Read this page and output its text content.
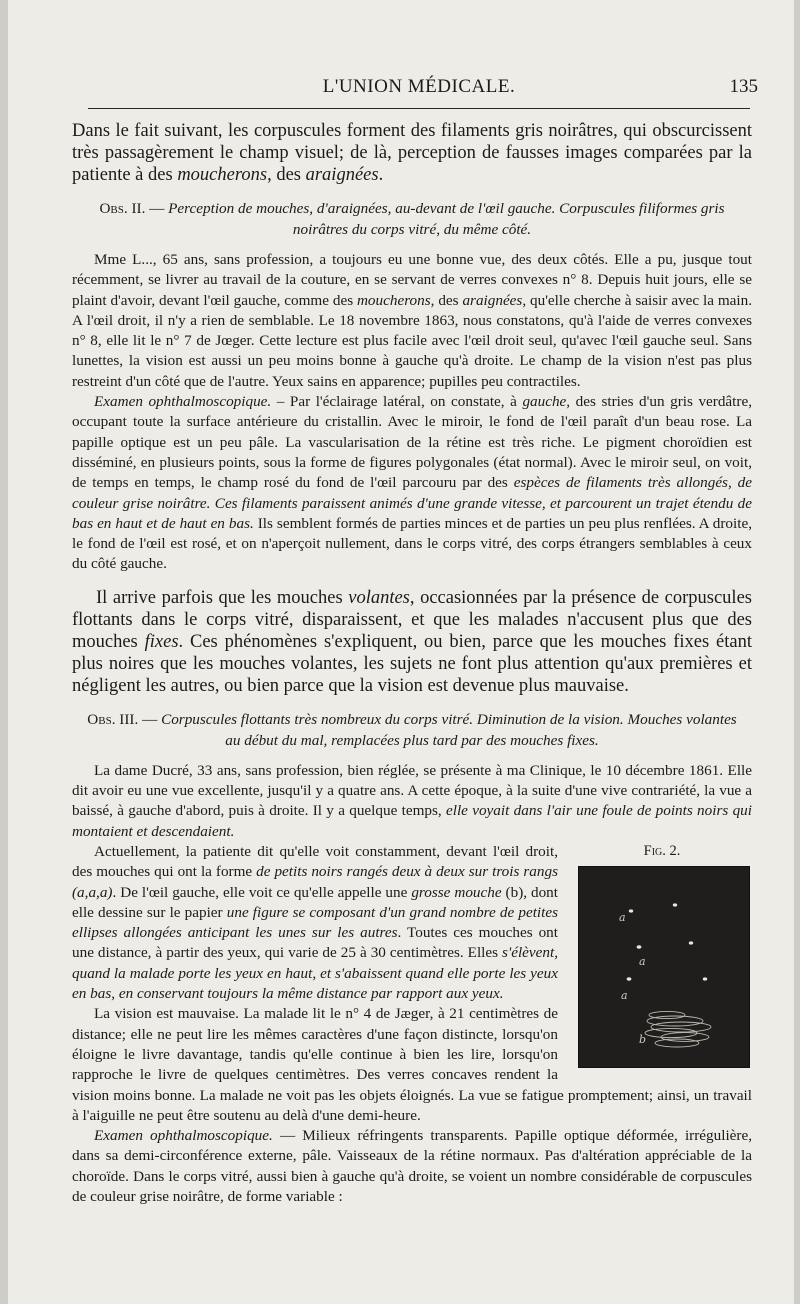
L'UNION MÉDICALE.	135

Dans le fait suivant, les corpuscules forment des filaments gris noirâtres, qui obscurcissent très passagèrement le champ visuel; de là, perception de fausses images comparées par la patiente à des moucherons, des araignées.

Obs. II. — Perception de mouches, d'araignées, au-devant de l'œil gauche. Corpuscules filiformes gris noirâtres du corps vitré, du même côté.

Mme L..., 65 ans, sans profession, a toujours eu une bonne vue, des deux côtés. Elle a pu, jusque tout récemment, se livrer au travail de la couture, en se servant de verres convexes n° 8. Depuis huit jours, elle se plaint d'avoir, devant l'œil gauche, comme des moucherons, des araignées, qu'elle cherche à saisir avec la main. A l'œil droit, il n'y a rien de semblable. Le 18 novembre 1863, nous constatons, qu'à l'aide de verres convexes n° 8, elle lit le n° 7 de Jœger. Cette lecture est plus facile avec l'œil droit seul, qu'avec l'œil gauche seul. Sans lunettes, la vision est aussi un peu moins bonne à gauche qu'à droite. Le champ de la vision n'est pas plus restreint d'un côté que de l'autre. Yeux sains en apparence; pupilles peu contractiles.

Examen ophthalmoscopique. – Par l'éclairage latéral, on constate, à gauche, des stries d'un gris verdâtre, occupant toute la surface antérieure du cristallin. Avec le miroir, le fond de l'œil paraît d'un beau rose. La papille optique est un peu pâle. La vascularisation de la rétine est très riche. Le pigment choroïdien est disséminé, en plusieurs points, sous la forme de figures polygonales (état normal). Avec le miroir seul, on voit, de temps en temps, le champ rosé du fond de l'œil parcouru par des espèces de filaments très allongés, de couleur grise noirâtre. Ces filaments paraissent animés d'une grande vitesse, et parcourent un trajet étendu de bas en haut et de haut en bas. Ils semblent formés de parties minces et de parties un peu plus renflées. A droite, le fond de l'œil est rosé, et on n'aperçoit nullement, dans le corps vitré, des corps étrangers semblables à ceux du côté gauche.

Il arrive parfois que les mouches volantes, occasionnées par la présence de corpuscules flottants dans le corps vitré, disparaissent, et que les malades n'accusent plus que des mouches fixes. Ces phénomènes s'expliquent, ou bien, parce que les mouches fixes étant plus noires que les mouches volantes, les sujets ne font plus attention qu'aux premières et négligent les autres, ou bien parce que la vision est devenue plus mauvaise.

Obs. III. — Corpuscules flottants très nombreux du corps vitré. Diminution de la vision. Mouches volantes au début du mal, remplacées plus tard par des mouches fixes.

La dame Ducré, 33 ans, sans profession, bien réglée, se présente à ma Clinique, le 10 décembre 1861. Elle dit avoir eu une vue excellente, jusqu'il y a quatre ans. A cette époque, à la suite d'une vive contrariété, la vue a baissé, à gauche d'abord, puis à droite. Il y a quelque temps, elle voyait dans l'air une foule de points noirs qui montaient et descendaient.

Fig. 2.
a
a
a
b

Actuellement, la patiente dit qu'elle voit constamment, devant l'œil droit, des mouches qui ont la forme de petits noirs rangés deux à deux sur trois rangs (a,a,a). De l'œil gauche, elle voit ce qu'elle appelle une grosse mouche (b), dont elle dessine sur le papier une figure se composant d'un grand nombre de petites ellipses allongées anticipant les unes sur les autres. Toutes ces mouches ont une distance, à partir des yeux, qui varie de 25 à 30 centimètres. Elles s'élèvent, quand la malade porte les yeux en haut, et s'abaissent quand elle porte les yeux en bas, en conservant toujours la même distance par rapport aux yeux.

La vision est mauvaise. La malade lit le n° 4 de Jæger, à 21 centimètres de distance; elle ne peut lire les mêmes caractères d'une façon distincte, lorsqu'on éloigne le livre davantage, tandis qu'elle continue à bien les lire, lorsqu'on rapproche le livre de quelques centimètres. Des verres concaves rendent la vision moins bonne. La malade ne voit pas les objets éloignés. La vue se fatigue promptement; ainsi, un travail à l'aiguille ne peut être soutenu au delà d'une demi-heure.

Examen ophthalmoscopique. — Milieux réfringents transparents. Papille optique déformée, irrégulière, dans sa demi-circonférence externe, pâle. Vaisseaux de la rétine normaux. Pas d'altération appréciable de la choroïde. Dans le corps vitré, aussi bien à gauche qu'à droite, se voient un nombre considérable de corpuscules de couleur grise noirâtre, de forme variable :
